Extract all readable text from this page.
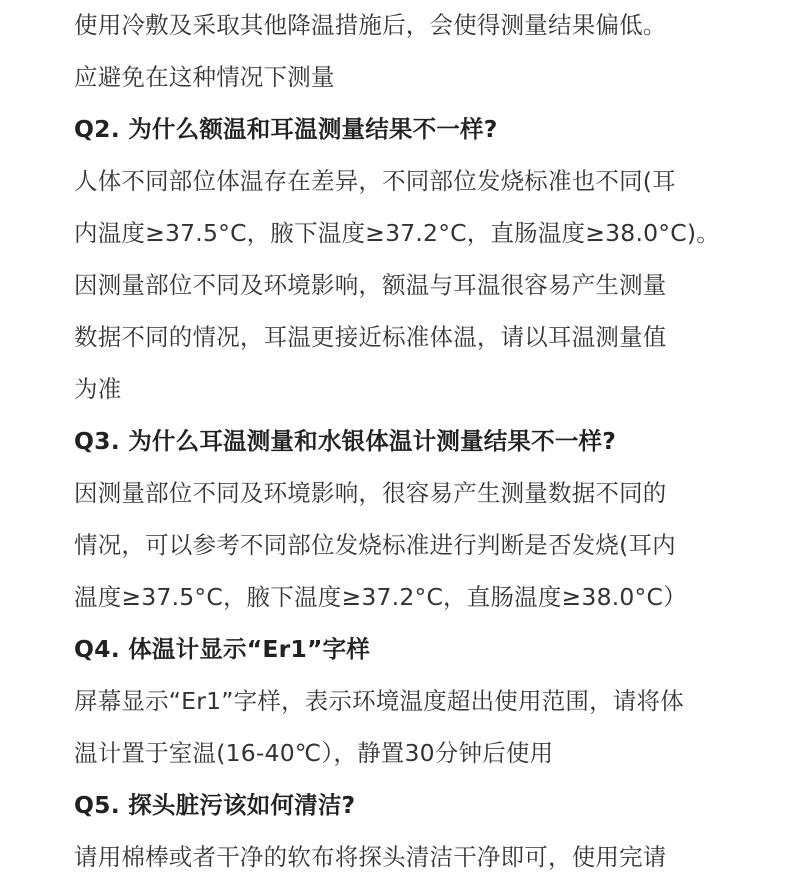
使用冷敷及采取其他降温措施后，会使得测量结果偏低。
应避免在这种情况下测量
Q2. 为什么额温和耳温测量结果不一样?
人体不同部位体温存在差异，不同部位发烧标准也不同(耳
内温度≥37.5°C，腋下温度≥37.2°C，直肠温度≥38.0°C)。
因测量部位不同及环境影响，额温与耳温很容易产生测量
数据不同的情况，耳温更接近标准体温，请以耳温测量值
为准
Q3. 为什么耳温测量和水银体温计测量结果不一样?
因测量部位不同及环境影响，很容易产生测量数据不同的
情况，可以参考不同部位发烧标准进行判断是否发烧(耳内
温度≥37.5°C，腋下温度≥37.2°C，直肠温度≥38.0°C）
Q4. 体温计显示“Er1”字样
屏幕显示“Er1”字样，表示环境温度超出使用范围，请将体
温计置于室温(16-40℃），静置30分钟后使用
Q5. 探头脏污该如何清洁?
请用棉棒或者干净的软布将探头清洁干净即可，使用完请
